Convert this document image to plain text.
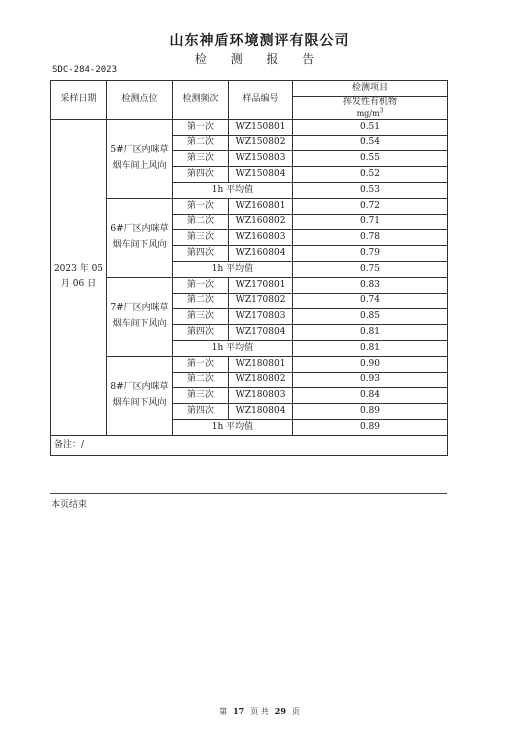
山东神盾环境测评有限公司
检 测 报 告
SDC-284-2023
采样日期	检测点位	检测频次	样品编号	检测项目

				挥发性有机物
$mg/m^3$

2023 年 05
月 06 日	5#厂区内咪草烟车间上风向	第一次	WZ150801	0.51
		第二次	WZ150802	0.54
		第三次	WZ150803	0.55
		第四次	WZ150804	0.52
		1h 平均值		0.53
	6#厂区内咪草烟车间下风向	第一次	WZ160801	0.72
		第二次	WZ160802	0.71
		第三次	WZ160803	0.78
		第四次	WZ160804	0.79
		1h 平均值		0.75
	7#厂区内咪草烟车间下风向	第一次	WZ170801	0.83
		第二次	WZ170802	0.74
		第三次	WZ170803	0.85
		第四次	WZ170804	0.81
		1h 平均值		0.81
	8#厂区内咪草烟车间下风向	第一次	WZ180801	0.90
		第二次	WZ180802	0.93
		第三次	WZ180803	0.84
		第四次	WZ180804	0.89
		1h 平均值		0.89
备注：/				
本页结束
第 17 页 共 29 页
